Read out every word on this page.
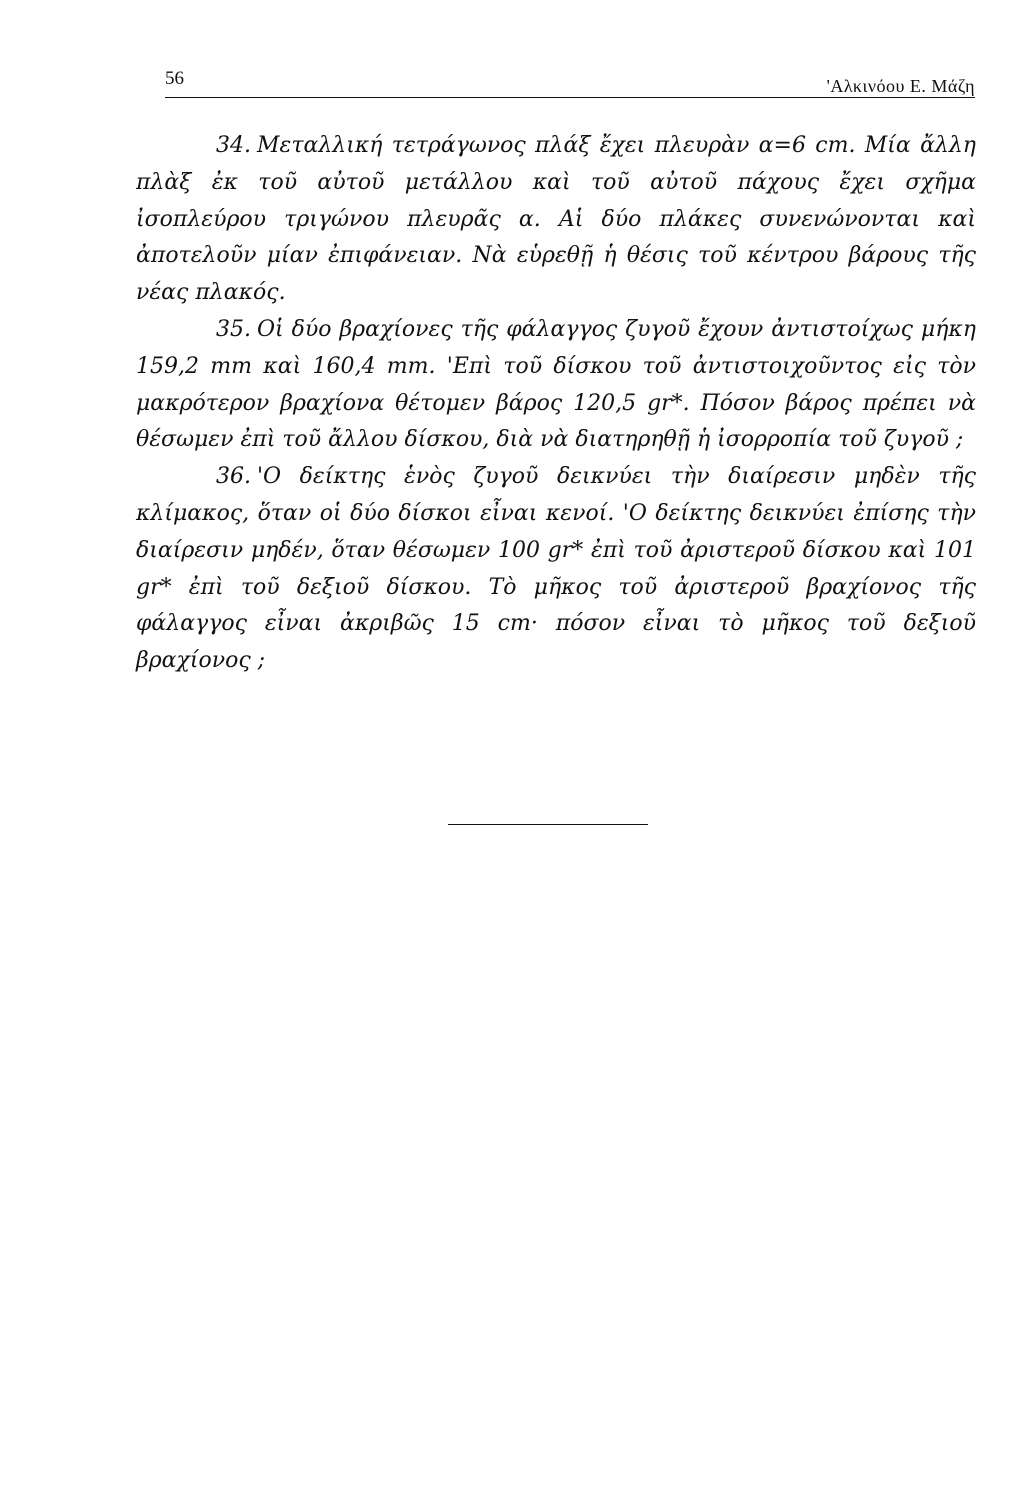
56	'Αλκινόου Ε. Μάζη

34. Μεταλλική τετράγωνος πλάξ ἔχει πλευρὰν α=6 cm. Μία ἄλλη πλὰξ ἐκ τοῦ αὐτοῦ μετάλλου καὶ τοῦ αὐτοῦ πάχους ἔχει σχῆμα ἰσοπλεύρου τριγώνου πλευρᾶς α. Αἱ δύο πλάκες συνενώνονται καὶ ἀποτελοῦν μίαν ἐπιφάνειαν. Νὰ εὑρεθῇ ἡ θέσις τοῦ κέντρου βάρους τῆς νέας πλακός.

35. Οἱ δύο βραχίονες τῆς φάλαγγος ζυγοῦ ἔχουν ἀντιστοίχως μήκη 159,2 mm καὶ 160,4 mm. 'Επὶ τοῦ δίσκου τοῦ ἀντιστοιχοῦντος εἰς τὸν μακρότερον βραχίονα θέτομεν βάρος 120,5 gr*. Πόσον βάρος πρέπει νὰ θέσωμεν ἐπὶ τοῦ ἄλλου δίσκου, διὰ νὰ διατηρηθῇ ἡ ἰσορροπία τοῦ ζυγοῦ ;

36. 'Ο δείκτης ἑνὸς ζυγοῦ δεικνύει τὴν διαίρεσιν μηδὲν τῆς κλίμακος, ὅταν οἱ δύο δίσκοι εἶναι κενοί. 'Ο δείκτης δεικνύει ἐπίσης τὴν διαίρεσιν μηδέν, ὅταν θέσωμεν 100 gr* ἐπὶ τοῦ ἀριστεροῦ δίσκου καὶ 101 gr* ἐπὶ τοῦ δεξιοῦ δίσκου. Τὸ μῆκος τοῦ ἀριστεροῦ βραχίονος τῆς φάλαγγος εἶναι ἀκριβῶς 15 cm· πόσον εἶναι τὸ μῆκος τοῦ δεξιοῦ βραχίονος ;
